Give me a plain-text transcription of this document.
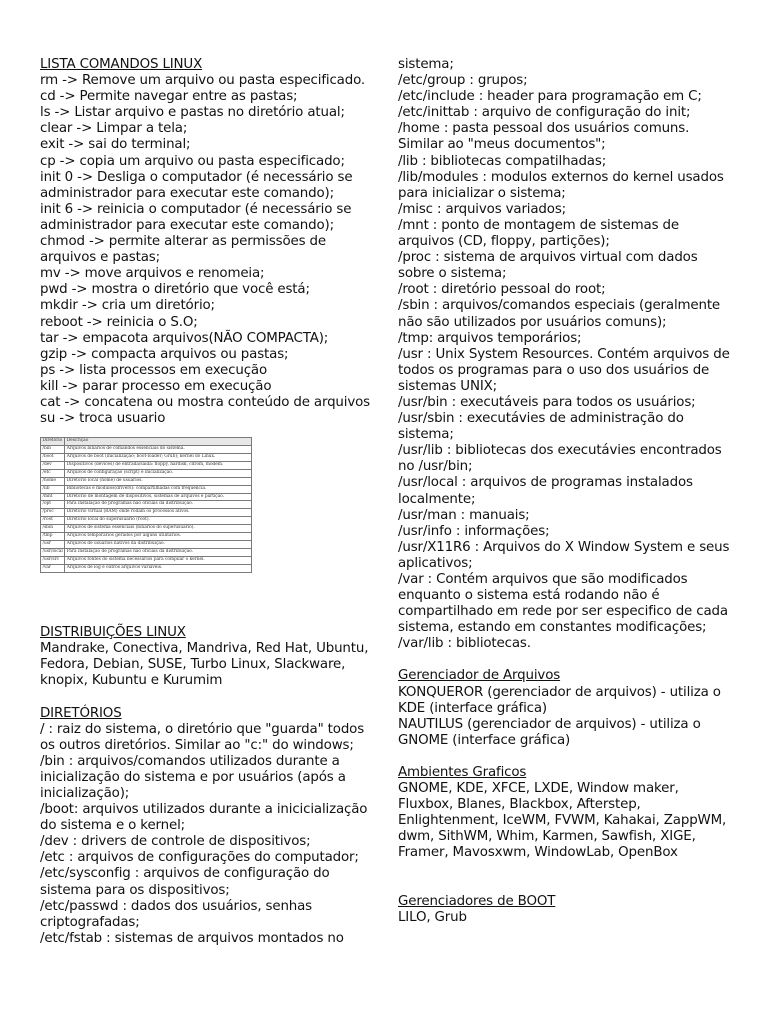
LISTA COMANDOS LINUX
rm -> Remove um arquivo ou pasta especificado.
cd -> Permite navegar entre as pastas;
ls -> Listar arquivo e pastas no diretório atual;
clear -> Limpar a tela;
exit -> sai do terminal;
cp -> copia um arquivo ou pasta especificado;
init 0 -> Desliga o computador (é necessário se
administrador para executar este comando);
init 6 -> reinicia o computador (é necessário se
administrador para executar este comando);
chmod -> permite alterar as permissões de
arquivos e pastas;
mv -> move arquivos e renomeia;
pwd -> mostra o diretório que você está;
mkdir -> cria um diretório;
reboot -> reinicia o S.O;
tar -> empacota arquivos(NÃO COMPACTA);
gzip -> compacta arquivos ou pastas;
ps -> lista processos em execução
kill -> parar processo em execução
cat -> concatena ou mostra conteúdo de arquivos
su -> troca usuario
Diretório	Descrição
/bin	Arquivos binários de comandos essenciais do sistema.
/boot	Arquivos de boot (inicialização; boot-loader; Grub); kernel do Linux.
/dev	Dispositivos (devices) de entrada/saída: floppy, hardisk, cdrom, modem.
/etc	Arquivos de configuração (script) e inicialização.
/home	Diretório local (home) de usuários.
/lib	Bibliotecas e módulos(drivers): compartilhadas com frequência.
/mnt	Diretório de montagem de dispositivos, sistemas de arquivos e partição.
/opt	Para instalação de programas não oficiais da distribuição.
/proc	Diretório virtual (RAM) onde rodam os processos ativos.
/root	Diretório local do superusuário (root).
/sbin	Arquivos de sistema essenciais (binários do superusuário).
/tmp	Arquivos temporários gerados por alguns utilitários.
/usr	Arquivos de usuários nativos da distribuição.
/usr/local	Para instalação de programas não oficiais da distribuição.
/usr/src	Arquivos fontes do sistema necessários para compilar o kernel.
/var	Arquivos de log e outros arquivos variáveis.
DISTRIBUIÇÕES LINUX
Mandrake, Conectiva, Mandriva, Red Hat, Ubuntu,
Fedora, Debian, SUSE, Turbo Linux, Slackware,
knopix, Kubuntu e Kurumim
DIRETÓRIOS
/ : raiz do sistema, o diretório que "guarda" todos
os outros diretórios. Similar ao "c:" do windows;
/bin : arquivos/comandos utilizados durante a
inicialização do sistema e por usuários (após a
inicialização);
/boot: arquivos utilizados durante a inicicialização
do sistema e o kernel;
/dev : drivers de controle de dispositivos;
/etc : arquivos de configurações do computador;
/etc/sysconfig : arquivos de configuração do
sistema para os dispositivos;
/etc/passwd : dados dos usuários, senhas
criptografadas;
/etc/fstab : sistemas de arquivos montados no
sistema;
/etc/group : grupos;
/etc/include : header para programação em C;
/etc/inittab : arquivo de configuração do init;
/home : pasta pessoal dos usuários comuns.
Similar ao "meus documentos";
/lib : bibliotecas compatilhadas;
/lib/modules : modulos externos do kernel usados
para inicializar o sistema;
/misc : arquivos variados;
/mnt : ponto de montagem de sistemas de
arquivos (CD, floppy, partições);
/proc : sistema de arquivos virtual com dados
sobre o sistema;
/root : diretório pessoal do root;
/sbin : arquivos/comandos especiais (geralmente
não são utilizados por usuários comuns);
/tmp: arquivos temporários;
/usr : Unix System Resources. Contém arquivos de
todos os programas para o uso dos usuários de
sistemas UNIX;
/usr/bin : executáveis para todos os usuários;
/usr/sbin : executávies de administração do
sistema;
/usr/lib : bibliotecas dos executávies encontrados
no /usr/bin;
/usr/local : arquivos de programas instalados
localmente;
/usr/man : manuais;
/usr/info : informações;
/usr/X11R6 : Arquivos do X Window System e seus
aplicativos;
/var : Contém arquivos que são modificados
enquanto o sistema está rodando não é
compartilhado em rede por ser especifico de cada
sistema, estando em constantes modificações;
/var/lib : bibliotecas.
Gerenciador de Arquivos
KONQUEROR (gerenciador de arquivos) - utiliza o
KDE (interface gráfica)
NAUTILUS (gerenciador de arquivos) - utiliza o
GNOME (interface gráfica)
Ambientes Graficos
GNOME, KDE, XFCE, LXDE, Window maker,
Fluxbox, Blanes, Blackbox, Afterstep,
Enlightenment, IceWM, FVWM, Kahakai, ZappWM,
dwm, SithWM, Whim, Karmen, Sawfish, XIGE,
Framer, Mavosxwm, WindowLab, OpenBox
Gerenciadores de BOOT
LILO, Grub
